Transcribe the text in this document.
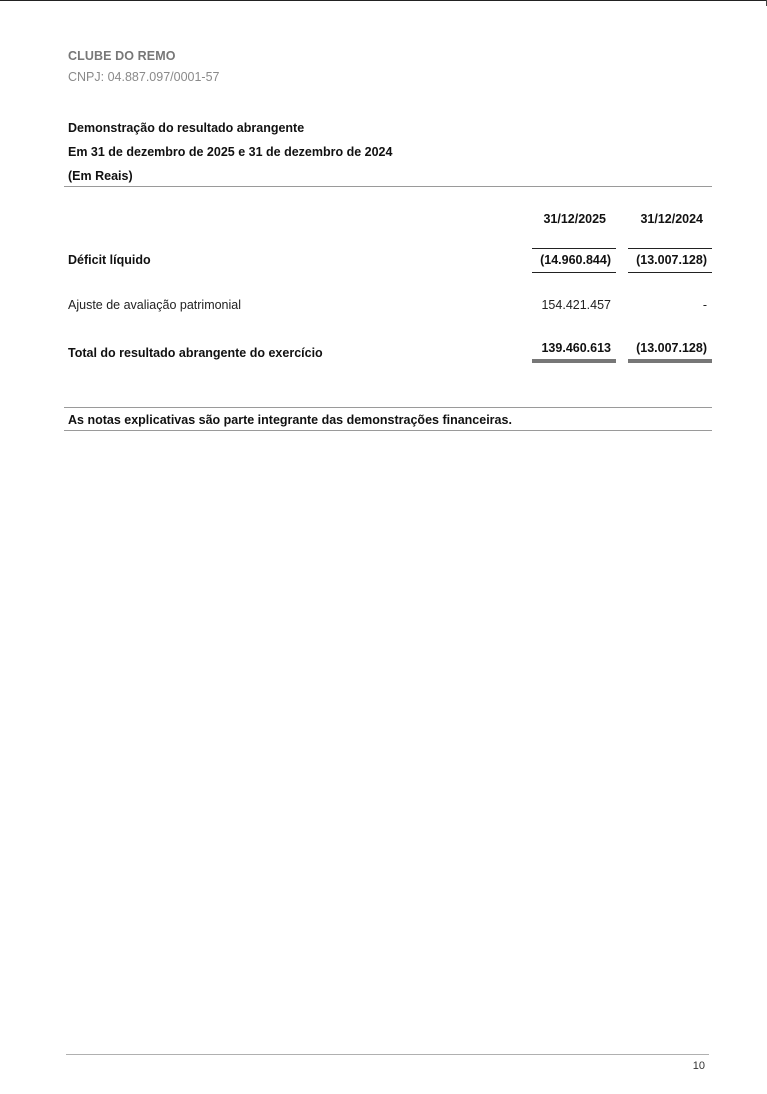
CLUBE DO REMO
CNPJ: 04.887.097/0001-57
Demonstração do resultado abrangente
Em 31 de dezembro de 2025 e 31 de dezembro de 2024
(Em Reais)
31/12/2025	31/12/2024
Déficit líquido	(14.960.844) (13.007.128)
Ajuste de avaliação patrimonial	154.421.457	-
Total do resultado abrangente do exercício	139.460.613 (13.007.128)
As notas explicativas são parte integrante das demonstrações financeiras.
10
